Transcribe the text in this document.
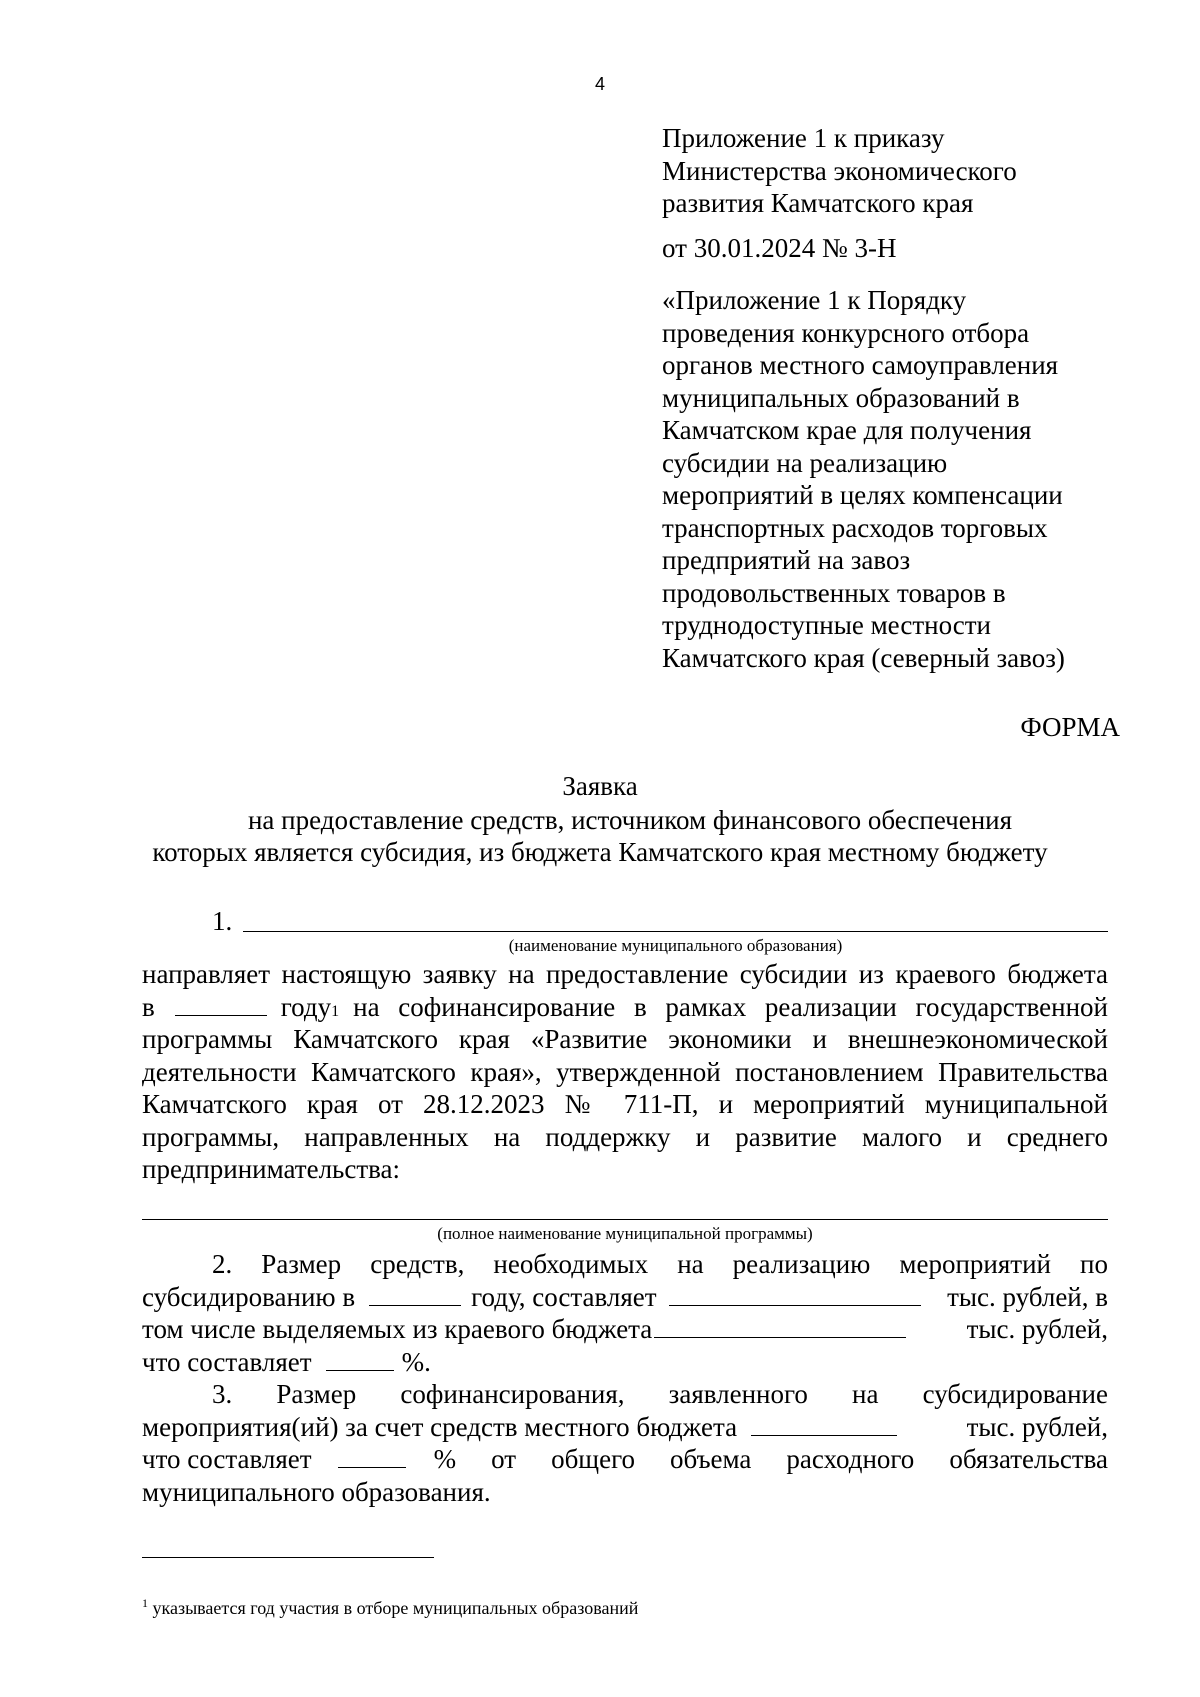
4
Приложение 1 к приказу
Министерства экономического
развития Камчатского края
от 30.01.2024 № 3-Н
«Приложение 1 к Порядку
проведения конкурсного отбора
органов местного самоуправления
муниципальных образований в
Камчатском крае для получения
субсидии на реализацию
мероприятий в целях компенсации
транспортных расходов торговых
предприятий на завоз
продовольственных товаров в
труднодоступные местности
Камчатского края (северный завоз)
ФОРМА
Заявка
на предоставление средств, источником финансового обеспечения
которых является субсидия, из бюджета Камчатского края местному бюджету
1.
(наименование муниципального образования)
направляет настоящую заявку на предоставление субсидии из краевого бюджета
в	году 1 на софинансирование в рамках реализации государственной
программы Камчатского края «Развитие экономики и внешнеэкономической
деятельности Камчатского края», утвержденной постановлением Правительства
Камчатского края от 28.12.2023 № 711-П, и мероприятий муниципальной
программы, направленных на поддержку и развитие малого и среднего
предпринимательства:
(полное наименование муниципальной программы)
2. Размер средств, необходимых на реализацию мероприятий по
субсидированию в	году, составляет	тыс. рублей, в
том числе выделяемых из краевого бюджета	тыс. рублей,
что составляет	%.
3. Размер софинансирования, заявленного на субсидирование
мероприятия(ий) за счет средств местного бюджета	тыс. рублей,
что составляет	% от общего объема расходного обязательства
муниципального образования.
$^1$ указывается год участия в отборе муниципальных образований
